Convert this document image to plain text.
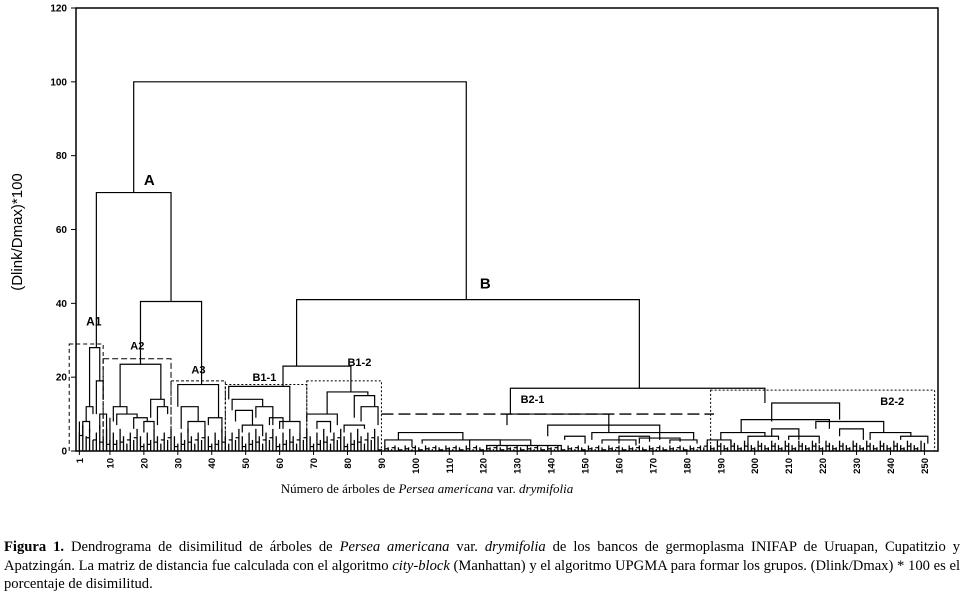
0
20
40
60
80
100
120
1 10 20 30 40 50 60 70 80 90 100 110 120 130 140 150 160 170 180 190 200 210 220 230 240 250
A
B
A1
A2
A3
B1-1
B1-2
B2-1	B2-2
(Dlink/Dmax)*100
Número de árboles de Persea americana var. drymifolia
Figura 1. Dendrograma de disimilitud de árboles de Persea americana var. drymifolia de los bancos de germoplasma INIFAP de Uruapan, Cupatitzio y Apatzingán. La matriz de distancia fue calculada con el algoritmo city-block (Manhattan) y el algoritmo UPGMA para formar los grupos. (Dlink/Dmax) * 100 es el porcentaje de disimilitud.
